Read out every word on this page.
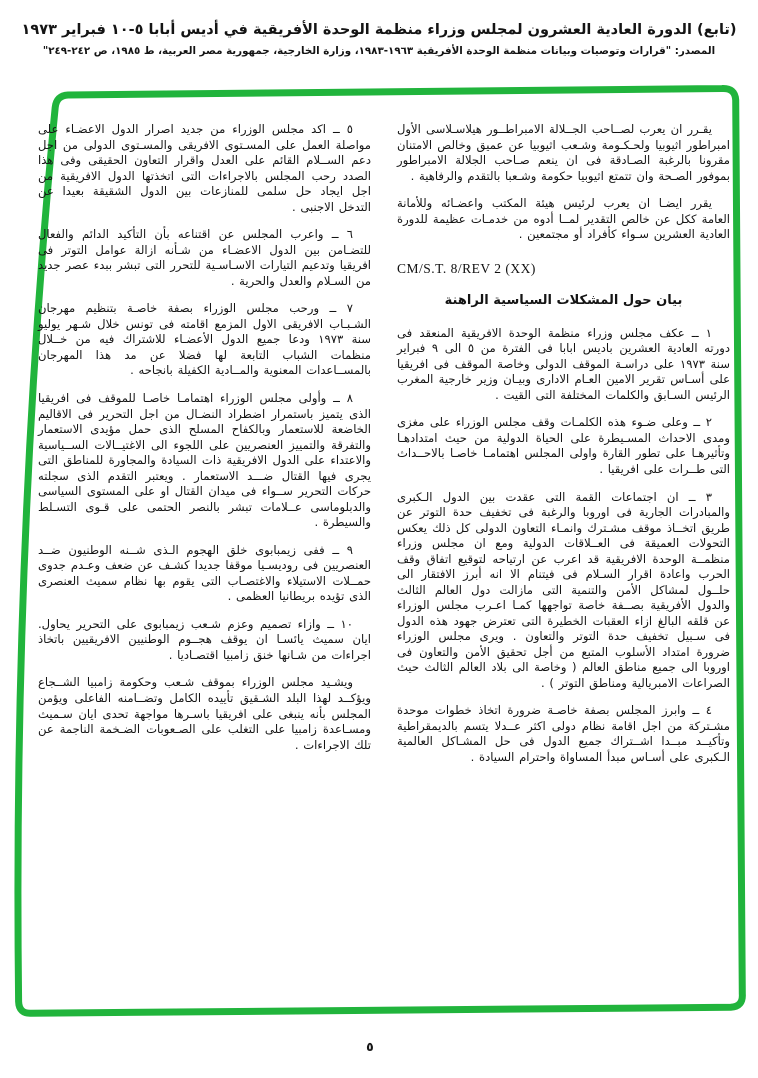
(تابع) الدورة العادية العشرون لمجلس وزراء منظمة الوحدة الأفريقية في أديس أبابا ٥-١٠ فبراير ١٩٧٣
المصدر: "قرارات وتوصيات وبيانات منظمة الوحدة الأفريقية ١٩٦٣-١٩٨٣، وزارة الخارجية، جمهورية مصر العربية، ط ١٩٨٥، ص ٢٤٢-٢٤٩"

يقـرر ان يعرب لصــاحب الجــلالة الامبراطــور هيلاسـلاسى الأول امبراطور اثيوبيا ولحـكـومة وشـعب اثيوبيا عن عميق وخالص الامتنان مقرونا بالرغبة الصـادقة فى ان ينعم صـاحب الجلالة الامبراطور بموفور الصـحة وان تتمتع اثيوبيا حكومة وشـعبا بالتقدم والرفاهية .

يقرر ايضـا ان يعرب لرئيس هيئة المكتب واعضـائه وللأمانة العامة ككل عن خالص التقدير لمــا أدوه من خدمـات عظيمة للدورة العادية العشرين سـواء كأفراد أو مجتمعين .

CM/S.T. 8/REV 2 (XX)
بيان حول المشكلات السياسية الراهنة

١ ــ عكف مجلس وزراء منظمة الوحدة الافريقية المنعقد فى دورته العادية العشرين باديس ابابا فى الفترة من ٥ الى ٩ فبراير سنة ١٩٧٣ على دراسـة الموقف الدولى وخاصة الموقف فى افريقيا على أسـاس تقرير الامين العـام الادارى وبيـان وزير خارجية المغرب الرئيس السـابق والكلمات المختلفة التى القيت .

٢ ــ وعلى ضـوء هذه الكلمـات وقف مجلس الوزراء على مغزى ومدى الاحداث المسـيطرة على الحياة الدولية من حيث امتدادهـا وتأثيرهـا على تطور القارة واولى المجلس اهتمامـا خاصـا بالاحــداث التى طــرات على افريقيا .

٣ ــ ان اجتماعات القمة التى عقدت بين الدول الـكبرى والمبادرات الجارية فى اوروبا والرغبة فى تخفيف حدة التوتر عن طريق اتخــاذ موقف مشـترك وانمـاء التعاون الدولى كل ذلك يعكس التحولات العميقة فى العــلاقات الدولية ومع ان مجلس وزراء منظمــة الوحدة الافريقية قد اعرب عن ارتياحه لتوقيع اتفاق وقف الحرب واعادة اقرار السـلام فى فيتنام الا انه أبرز الافتقار الى حلــول لمشاكل الأمن والتنمية التى مازالت دول العالم الثالث والدول الأفريقية بصــفة خاصة تواجهها كمـا اعـرب مجلس الوزراء عن قلقه البالغ ازاء العقبات الخطيرة التى تعترض جهود هذه الدول فى سـبيل تخفيف حدة التوتر والتعاون . ويرى مجلس الوزراء ضرورة امتداد الأسلوب المتبع من أجل تحقيق الأمن والتعاون فى اوروبا الى جميع مناطق العالم ( وخاصة الى بلاد العالم الثالث حيث الصراعات الامبريالية ومناطق التوتر ) .

٤ ــ وابرز المجلس بصفة خاصـة ضرورة اتخاذ خطوات موحدة مشـتركة من اجل اقامة نظام دولى اكثر عــدلا يتسم بالديمقراطية وتأكيــد مبــدا اشــتراك جميع الدول فى حل المشـاكل العالمية الـكبرى على أسـاس مبدأ المساواة واحترام السيادة .

٥ ــ اكد مجلس الوزراء من جديد اصرار الدول الاعضـاء على مواصلة العمل على المسـتوى الافريقى والمسـتوى الدولى من اجل دعم الســلام القائم على العدل واقرار التعاون الحقيقى وفى هذا الصدد رحب المجلس بالاجراءات التى اتخذتها الدول الافريقية من اجل ايجاد حل سلمى للمنازعات بين الدول الشقيقة بعيدا عن التدخل الاجنبى .

٦ ــ واعرب المجلس عن اقتناعه بأن التأكيد الدائم والفعال للتضـامن بين الدول الاعضـاء من شـأنه ازالة عوامل التوتر فى افريقيا وتدعيم التيارات الاسـاسـية للتحرر التى تبشر ببدء عصر جديد من السـلام والعدل والحرية .

٧ ــ ورحب مجلس الوزراء بصفة خاصـة بتنظيم مهرجان الشـبـاب الافريقى الاول المزمع اقامته فى تونس خلال شـهر يوليو سنة ١٩٧٣ ودعا جميع الدول الأعضـاء للاشتراك فيه من خــلال منظمات الشباب التابعة لها فضلا عن مد هذا المهرجان بالمســاعدات المعنوية والمــادية الكفيلة بانجاحه .

٨ ــ وأولى مجلس الوزراء اهتمامـا خاصـا للموقف فى افريقيا الذى يتميز باستمرار اضطراد النضـال من اجل التحرير فى الاقاليم الخاضعة للاستعمار وبالكفاح المسلح الذى حمل مؤيدى الاستعمار والتفرقة والتمييز العنصريين على اللجوء الى الاغتيــالات الســياسية والاعتداء على الدول الافريقية ذات السيادة والمجاورة للمناطق التى يجرى فيها القتال ضـــد الاستعمار . ويعتبر التقدم الذى سجلته حركات التحرير ســواء فى ميدان القتال او على المستوى السياسى والدبلوماسى عــلامات تبشر بالنصر الحتمى على قـوى التسـلط والسيطرة .

٩ ــ ففى زيمبابوى خلق الهجوم الـذى شــنه الوطنيون ضــد العنصريين فى روديسـيا موقفا جديدا كشـف عن ضعف وعـدم جدوى حمــلات الاستيلاء والاغتصـاب التى يقوم بها نظام سميث العنصرى الذى تؤيده بريطانيا العظمى .

١٠ ــ وازاء تصميم وعزم شـعب زيمبابوى على التحرير يحاول. ايان سميث يائسـا ان يوقف هجــوم الوطنيين الافريقيين باتخاذ اجراءات من شـانها خنق زامبيا اقتصـاديا .

ويشـيد مجلس الوزراء بموقف شـعب وحكومة زامبيا الشــجاع ويؤكــد لهذا البلد الشـقيق تأييده الكامل وتضــامنه الفاعلى ويؤمن المجلس بأنه ينبغى على افريقيا باسـرها مواجهة تحدى ايان سـميث ومسـاعدة زامبيا على التغلب على الصـعوبات الضـخمة الناجمة عن تلك الاجراءات .

٥
